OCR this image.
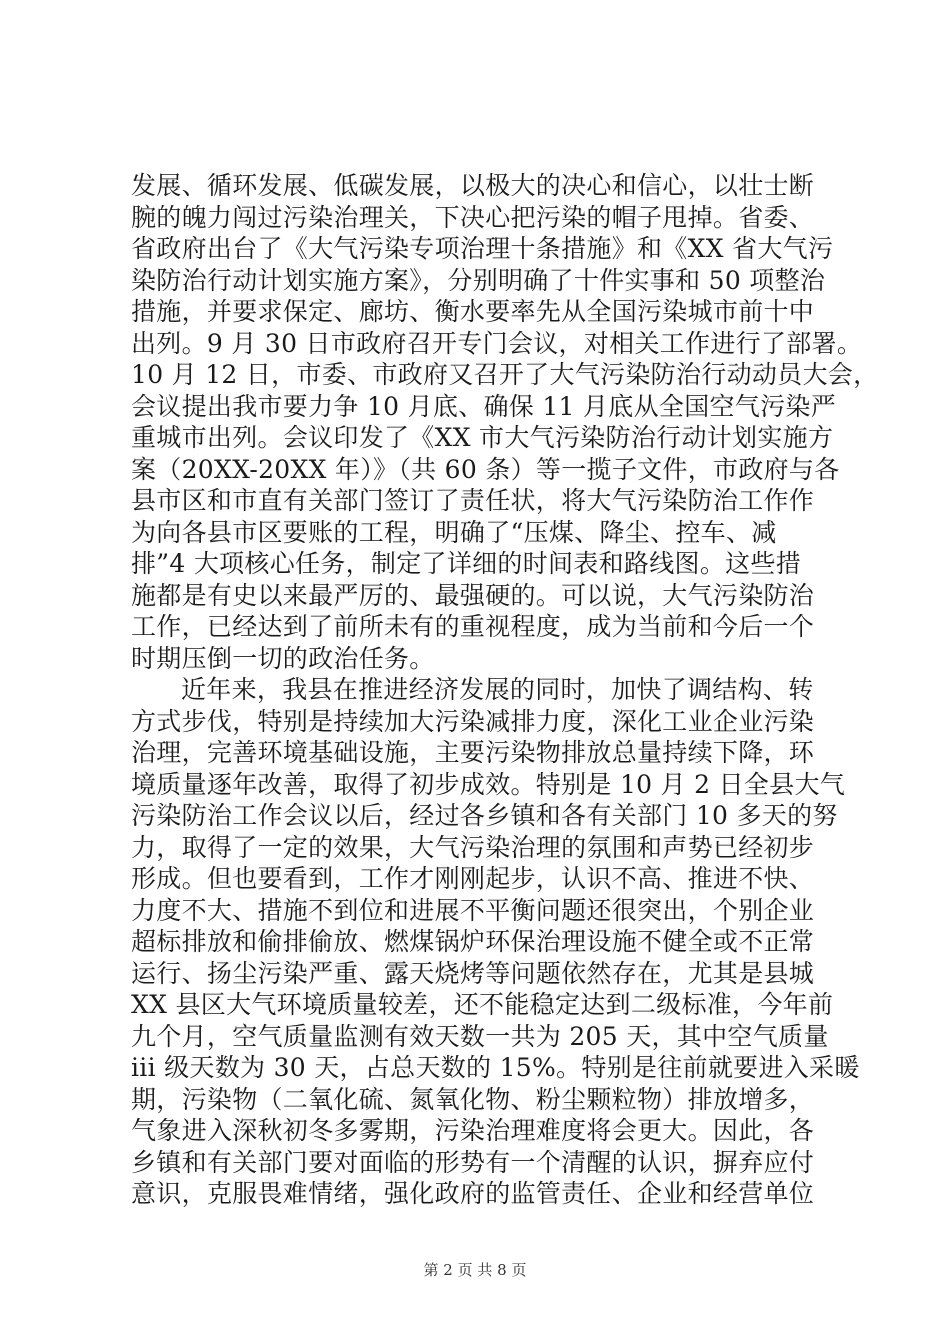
发展、循环发展、低碳发展，以极大的决心和信心，以壮士断
腕的魄力闯过污染治理关，下决心把污染的帽子甩掉。省委、
省政府出台了《大气污染专项治理十条措施》和《XX 省大气污
染防治行动计划实施方案》，分别明确了十件实事和 50 项整治
措施，并要求保定、廊坊、衡水要率先从全国污染城市前十中
出列。9 月 30 日市政府召开专门会议，对相关工作进行了部署。
10 月 12 日，市委、市政府又召开了大气污染防治行动动员大会，
会议提出我市要力争 10 月底、确保 11 月底从全国空气污染严
重城市出列。会议印发了《XX 市大气污染防治行动计划实施方
案（20XX-20XX 年）》（共 60 条）等一揽子文件，市政府与各
县市区和市直有关部门签订了责任状，将大气污染防治工作作
为向各县市区要账的工程，明确了“压煤、降尘、控车、减
排”4 大项核心任务，制定了详细的时间表和路线图。这些措
施都是有史以来最严厉的、最强硬的。可以说，大气污染防治
工作，已经达到了前所未有的重视程度，成为当前和今后一个
时期压倒一切的政治任务。
近年来，我县在推进经济发展的同时，加快了调结构、转
方式步伐，特别是持续加大污染减排力度，深化工业企业污染
治理，完善环境基础设施，主要污染物排放总量持续下降，环
境质量逐年改善，取得了初步成效。特别是 10 月 2 日全县大气
污染防治工作会议以后，经过各乡镇和各有关部门 10 多天的努
力，取得了一定的效果，大气污染治理的氛围和声势已经初步
形成。但也要看到，工作才刚刚起步，认识不高、推进不快、
力度不大、措施不到位和进展不平衡问题还很突出，个别企业
超标排放和偷排偷放、燃煤锅炉环保治理设施不健全或不正常
运行、扬尘污染严重、露天烧烤等问题依然存在，尤其是县城
XX 县区大气环境质量较差，还不能稳定达到二级标准，今年前
九个月，空气质量监测有效天数一共为 205 天，其中空气质量
iii 级天数为 30 天，占总天数的 15%。特别是往前就要进入采暖
期，污染物（二氧化硫、氮氧化物、粉尘颗粒物）排放增多，
气象进入深秋初冬多雾期，污染治理难度将会更大。因此，各
乡镇和有关部门要对面临的形势有一个清醒的认识，摒弃应付
意识，克服畏难情绪，强化政府的监管责任、企业和经营单位
第 2 页 共 8 页
